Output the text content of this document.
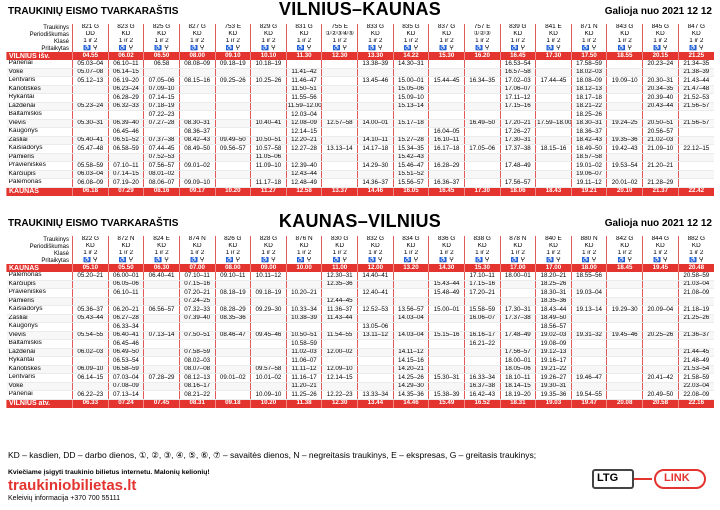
TRAUKINIŲ EISMO TVARKARAŠTIS	VILNIUS–KAUNAS	Galioja nuo 2021 12 12
Traukinys	821 G	823 G	825 G	827 G	753 E	829 G	831 G	755 E	833 G	835 G	837 G	757 E	839 G	841 E	871 N	843 G	845 G	847 G
Periodiškumas	DD	KD	KD	KD	KD	KD	KD	①②③④⑤	KD	KD	KD	①②③	KD	KD	KD	KD	KD	KD
Klasė	1 ir 2	1 ir 2	1 ir 2	1 ir 2	1 ir 2	1 ir 2	1 ir 2	1 ir 2	1 ir 2	1 ir 2	1 ir 2	1 ir 2	1 ir 2	1 ir 2	1 ir 2	1 ir 2	1 ir 2	1 ir 2
Pritaikytas	♿ ⚲	♿ ⚲	♿ ⚲	♿ ⚲	♿ ⚲	♿ ⚲	♿ ⚲	♿ ⚲	♿ ⚲	♿ ⚲	♿ ⚲	♿ ⚲	♿ ⚲	♿ ⚲	♿ ⚲	♿ ⚲	♿ ⚲	♿ ⚲
VILNIUS išv.	04.55	06.02	06.50	08.00	09.10	10.10	11.30	12.30	13.30	14.22	15.30	16.20	16.45	17.30	17.50	18.55	20.15	21.25
Paneriai	05.03–04	06.10–11	06.58	08.08–09	09.18–19	10.18–19			13.38–39	14.30–31			16.53–54		17.58–59		20.23–24	21.34–35
Vokė	05.07–08	06.14–15					11.41–42						16.57–58		18.02–03			21.38–39
Lentvaris	05.12–13	06.19–20	07.05–06	08.15–16	09.25–26	10.25–26	11.46–47		13.45–46	15.00–01	15.44–45	16.34–35	17.02–03	17.44–45	18.08–09	19.09–10	20.30–31	21.43–44
Kariotiškės		06.23–24	07.09–10				11.50–51			15.05–06			17.06–07		18.12–13		20.34–35	21.47–48
Rykantai		06.28–29	07.14–15				11.55–56			15.09–10			17.11–12		18.17–18		20.39–40	21.52–53
Lazdėnai	05.23–24	06.32–33	07.18–19				11.59–12.00			15.13–14			17.15–16		18.21–22		20.43–44	21.56–57
Baltamiškis			07.22–23				12.03–04								18.25–26			
Vievis	05.30–31	06.39–40	07.27–28	08.30–31		10.40–41	12.08–09	12.57–58	14.00–01	15.17–18		16.49–50	17.20–21	17.59–18.00	18.30–31	19.24–25	20.50–51	21.56–57
Kaugonys		06.45–46		08.36–37			12.14–15				16.04–05		17.26–27		18.36–37		20.56–57	
Žasliai	05.40–41	06.51–52	07.37–38	08.42–43	09.49–50	10.50–51	12.20–21		14.10–11	15.27–28	16.10–11		17.30–31		18.42–43	19.35–36	21.02–03	
Kaišiadorys	05.47–48	06.58–59	07.44–45	08.49–50	09.56–57	10.57–58	12.27–28	13.13–14	14.17–18	15.34–35	16.17–18	17.05–06	17.37–38	18.15–16	18.49–50	19.42–43	21.09–10	22.12–15
Pamieris			07.52–53			11.05–06				15.42–43					18.57–58			
Pravieniškės	05.58–59	07.10–11	07.56–57	09.01–02		11.09–10	12.39–40		14.29–30	15.46–47	16.28–29		17.48–49		19.01–02	19.53–54	21.20–21	
Karčiupis	06.03–04	07.14–15	08.01–02				12.43–44			15.51–52					19.06–07			
Palemonas	06.08–09	07.19–20	08.06–07	09.09–10		11.17–18	12.48–49		14.36–37	15.56–57	16.36–37		17.56–57		19.11–12	20.01–02	21.28–29	
KAUNAS	06.18	07.29	08.16	09.17	10.20	11.27	12.58	13.37	14.46	16.05	16.45	17.30	18.06	18.43	19.21	20.10	21.37	22.42
TRAUKINIŲ EISMO TVARKARAŠTIS	KAUNAS–VILNIUS	Galioja nuo 2021 12 12
Traukinys	822 G	872 N	824 E	874 N	826 G	828 G	876 N	830 G	832 G	834 G	836 G	838 G	878 N	840 E	880 N	842 G	844 G	882 G
Periodiškumas	KD	KD	KD	KD	KD	KD	KD	KD	KD	KD	KD	KD	KD	KD	KD	KD	KD	KD
Klasė	1 ir 2	1 ir 2	1 ir 2	1 ir 2	1 ir 2	1 ir 2	1 ir 2	1 ir 2	1 ir 2	1 ir 2	1 ir 2	1 ir 2	1 ir 2	1 ir 2	1 ir 2	1 ir 2	1 ir 2	1 ir 2
Pritaikytas	♿ ⚲	♿ ⚲	♿ ⚲	♿ ⚲	♿ ⚲	♿ ⚲	♿ ⚲	♿ ⚲	♿ ⚲	♿ ⚲	♿ ⚲	♿ ⚲	♿ ⚲	♿ ⚲	♿ ⚲	♿ ⚲	♿ ⚲	♿ ⚲
KAUNAS	05.10	05.50	06.30	07.00	08.00	09.00	10.00	11.00	12.00	13.20	14.30	15.30	17.00	17.00	18.00	18.45	19.45	20.48
Palemonas	05.20–21	06.00–01	06.40–41	07.10–11	09.10–11	10.11–12		12.30–31	14.40–41			17.10–11	18.00–01	18.20–21	18.55–56			20.58–59
Karčiupis		06.05–06		07.15–16				12.35–36			15.43–44	17.15–16		18.25–26				21.03–04
Pravieniškės		06.10–11		07.20–21	08.18–19	09.18–19	10.20–21		12.40–41		15.48–49	17.20–21		18.30–31	19.03–04			21.08–09
Pamieris				07.24–25				12.44–45						18.35–36				
Kaišiadorys	05.36–37	06.20–21	06.56–57	07.32–33	08.28–29	09.29–30	10.33–34	11.36–37	12.52–53	13.56–57	15.00–01	15.58–59	17.30–31	18.43–44	19.13–14	19.29–30	20.09–04	21.18–19
Žasliai	05.43–44	06.27–28		07.39–40	08.35–36		10.38–39	11.43–44		14.03–04		16.06–07	17.37–38	18.49–50				21.25–26
Kaugonys		06.33–34							13.05–06					18.56–57				
Vievis	05.54–55	06.40–41	07.13–14	07.50–51	08.46–47	09.45–46	10.50–51	11.54–55	13.11–12	14.03–04	15.15–16	16.16–17	17.48–49	19.02–03	19.31–32	19.45–46	20.25–26	21.36–37
Baltamiškis		06.45–46					10.58–59					16.21–22		19.08–09				
Lazdėnai	06.02–03	06.49–50		07.58–59			11.02–03	12.00–02		14.11–12			17.56–57	19.12–13				21.44–45
Rykantai		06.53–54		08.02–03			11.06–07			14.15–16			18.00–01	19.16–17				21.48–49
Kariotiškės	06.09–10	06.58–59		08.07–08		09.57–58	11.11–12	12.09–10		14.20–21			18.05–06	19.21–22				21.53–54
Lentvaris	06.14–15	07.03–04	07.28–29	08.12–13	09.01–02	10.01–02	11.16–17	12.14–15		14.25–26	15.30–31	16.33–34	18.10–11	19.26–27	19.46–47		20.41–42	21.58–59
Vokė		07.08–09		08.16–17			11.20–21			14.29–30		16.37–38	18.14–15	19.30–31				22.03–04
Paneriai	06.22–23	07.13–14		08.21–22		10.09–10	11.25–26	12.22–23	13.33–34	14.35–36	15.38–39	16.42–43	18.19–20	19.35–36	19.54–55		20.49–50	22.08–09
VILNIUS atv.	06.33	07.24	07.45	08.31	09.18	10.20	11.38	12.30	13.44	14.46	15.49	16.52	18.31	19.03	19.47	20.08	20.58	22.16
KD – kasdien, DD – darbo dienos, ①, ②, ③, ④, ⑤, ⑥, ⑦ – savaitės dienos, N – negreitasis traukinys, E – ekspresas, G – greitasis traukinys;
Kviečiame įsigyti traukinio bilietus internetu. Malonių kelionių!
traukiniobilietas.lt
Keleivių informacija +370 700 55111
LTG	LINK
